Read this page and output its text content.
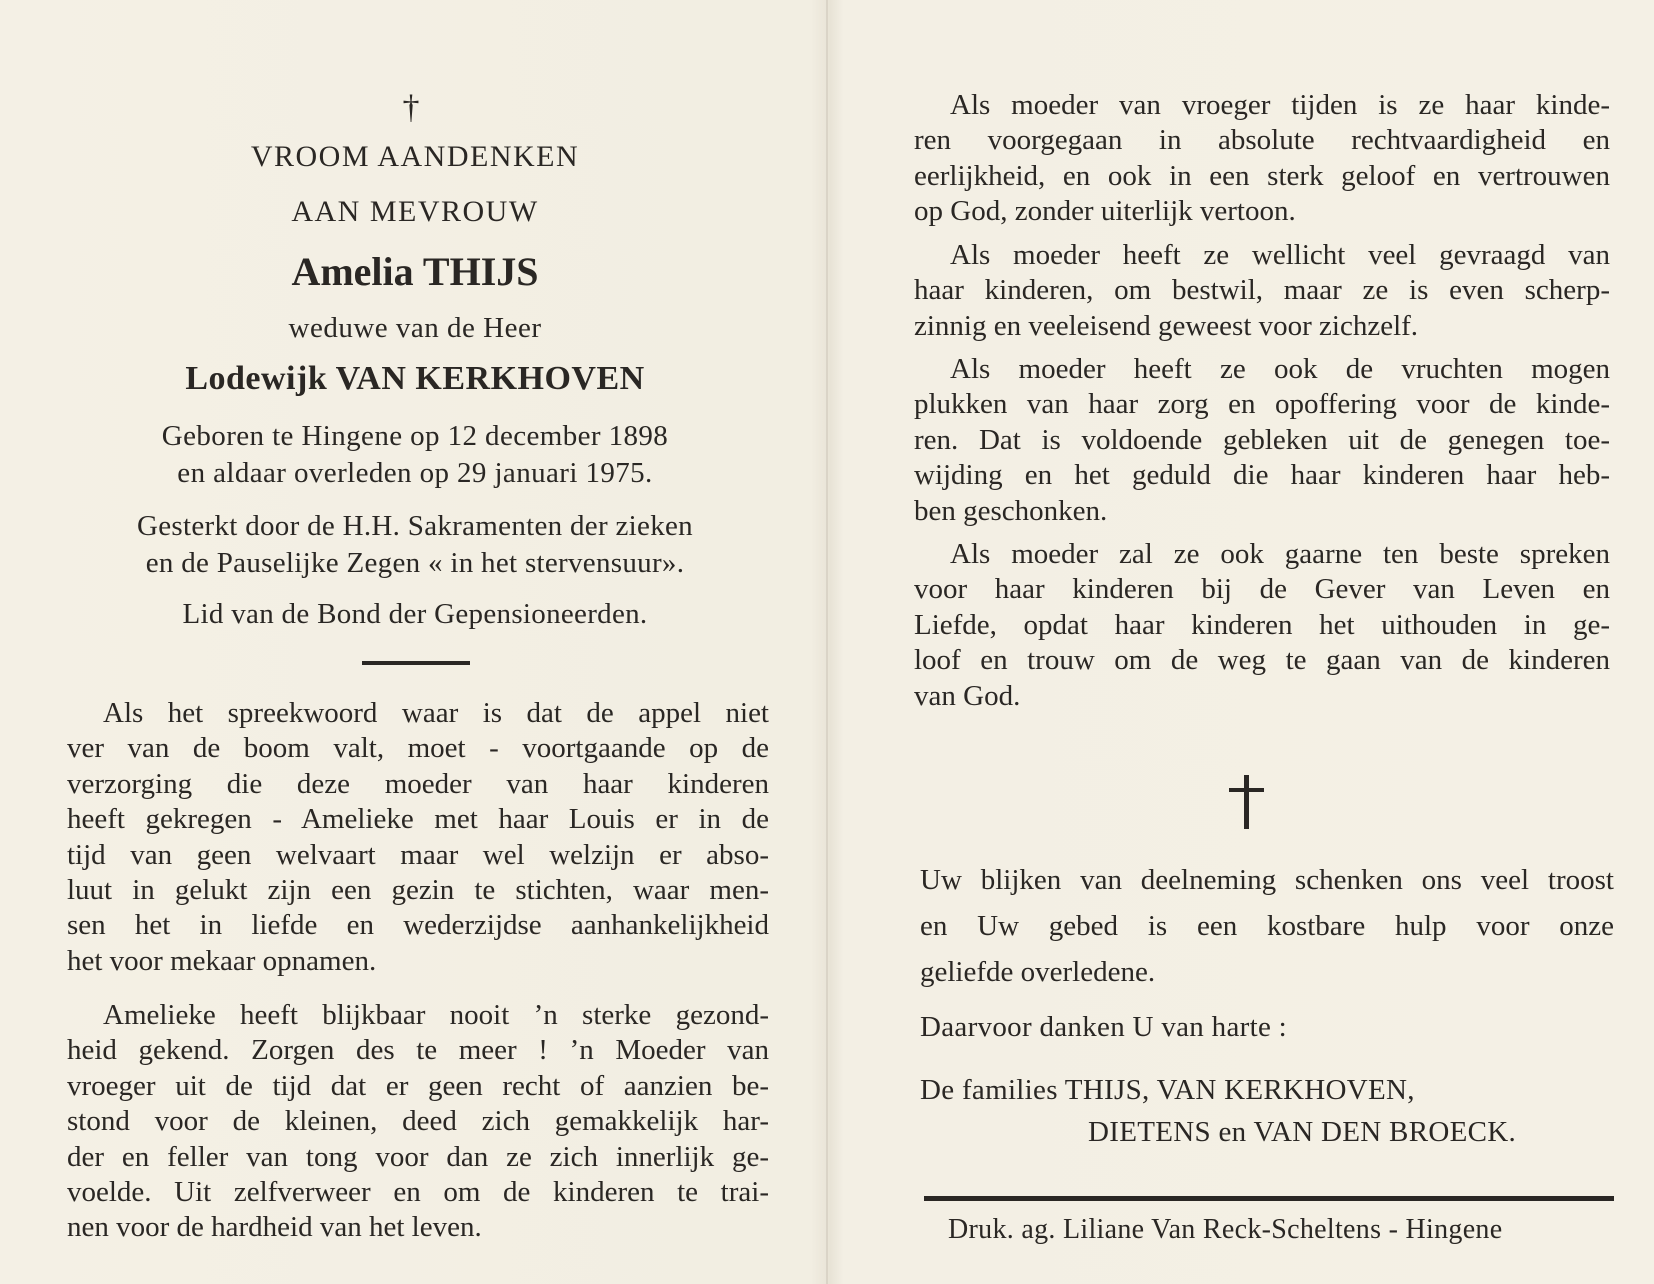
†
VROOM AANDENKEN
AAN MEVROUW
Amelia THIJS
weduwe van de Heer
Lodewijk VAN KERKHOVEN
Geboren te Hingene op 12 december 1898
en aldaar overleden op 29 januari 1975.
Gesterkt door de H.H. Sakramenten der zieken
en de Pauselijke Zegen « in het stervensuur».
Lid van de Bond der Gepensioneerden.
Als het spreekwoord waar is dat de appel niet
ver van de boom valt, moet - voortgaande op de
verzorging die deze moeder van haar kinderen
heeft gekregen - Amelieke met haar Louis er in de
tijd van geen welvaart maar wel welzijn er abso-
luut in gelukt zijn een gezin te stichten, waar men-
sen het in liefde en wederzijdse aanhankelijkheid
het voor mekaar opnamen.
Amelieke heeft blijkbaar nooit ’n sterke gezond-
heid gekend. Zorgen des te meer ! ’n Moeder van
vroeger uit de tijd dat er geen recht of aanzien be-
stond voor de kleinen, deed zich gemakkelijk har-
der en feller van tong voor dan ze zich innerlijk ge-
voelde. Uit zelfverweer en om de kinderen te trai-
nen voor de hardheid van het leven.
Als moeder van vroeger tijden is ze haar kinde-
ren voorgegaan in absolute rechtvaardigheid en
eerlijkheid, en ook in een sterk geloof en vertrouwen
op God, zonder uiterlijk vertoon.
Als moeder heeft ze wellicht veel gevraagd van
haar kinderen, om bestwil, maar ze is even scherp-
zinnig en veeleisend geweest voor zichzelf.
Als moeder heeft ze ook de vruchten mogen
plukken van haar zorg en opoffering voor de kinde-
ren. Dat is voldoende gebleken uit de genegen toe-
wijding en het geduld die haar kinderen haar heb-
ben geschonken.
Als moeder zal ze ook gaarne ten beste spreken
voor haar kinderen bij de Gever van Leven en
Liefde, opdat haar kinderen het uithouden in ge-
loof en trouw om de weg te gaan van de kinderen
van God.
Uw blijken van deelneming schenken ons veel troost
en Uw gebed is een kostbare hulp voor onze
geliefde overledene.
Daarvoor danken U van harte :
De families THIJS, VAN KERKHOVEN,
DIETENS en VAN DEN BROECK.
Druk. ag. Liliane Van Reck-Scheltens - Hingene
